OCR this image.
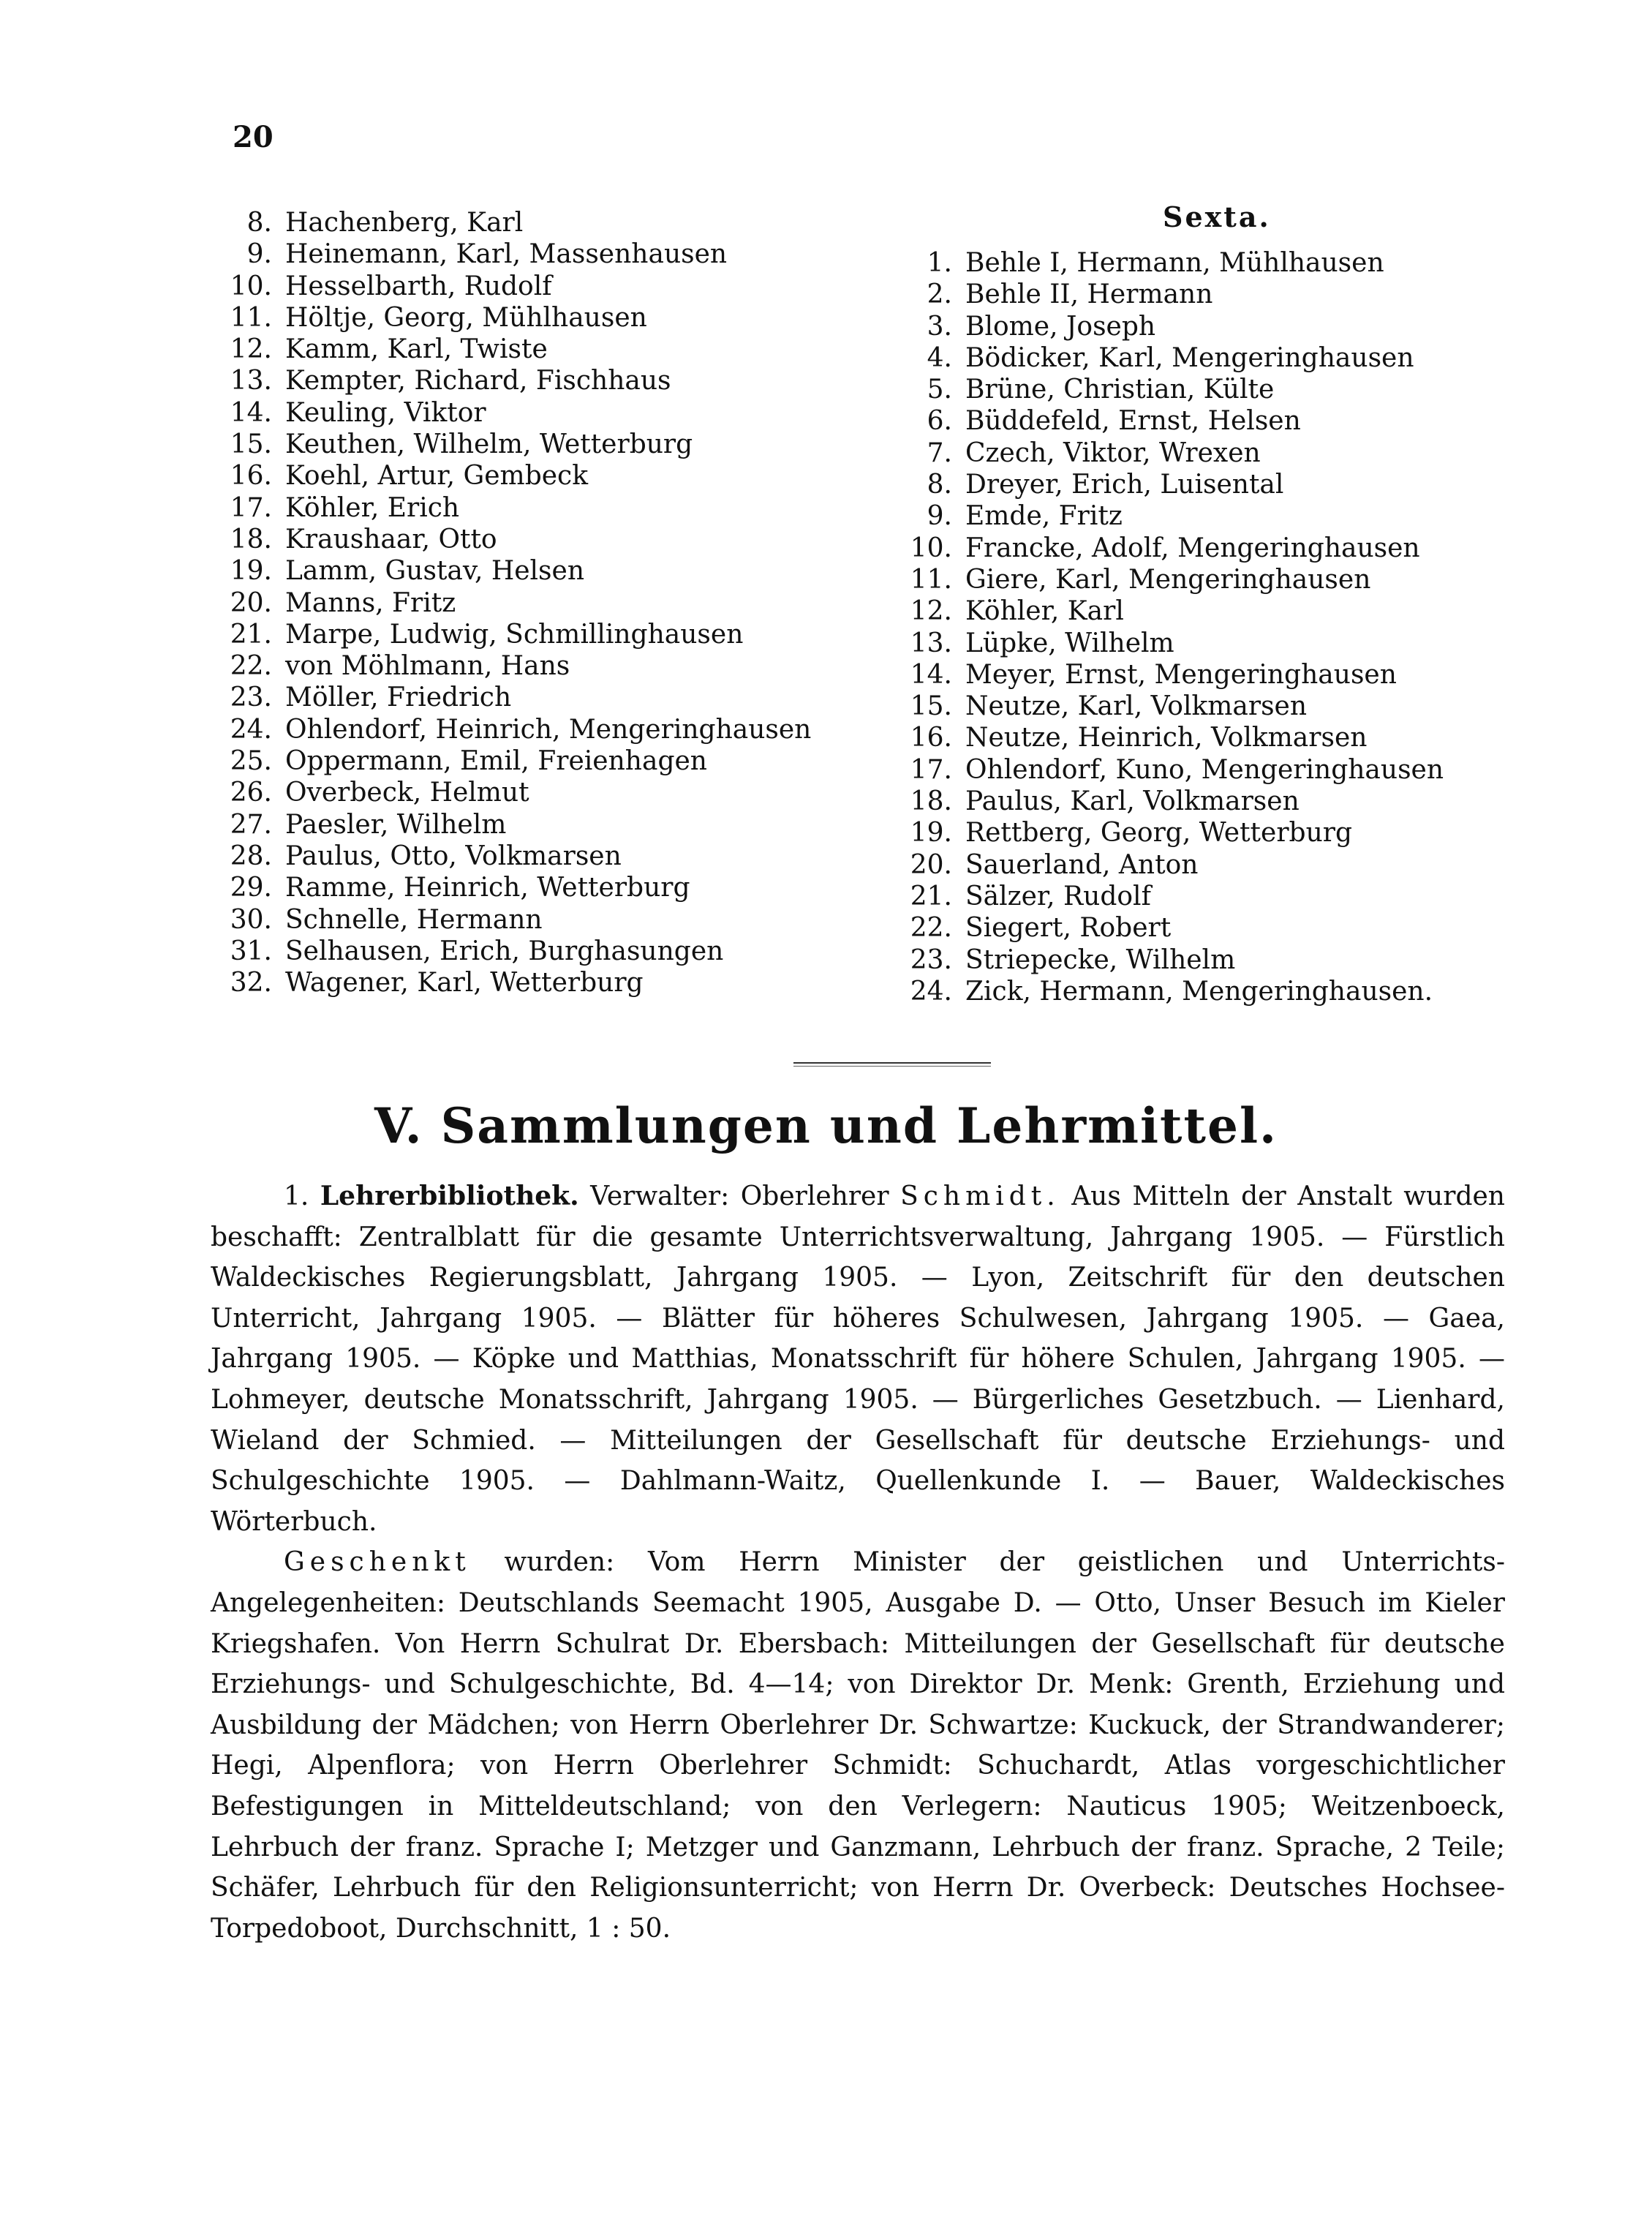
20
8. Hachenberg, Karl
9. Heinemann, Karl, Massenhausen
10. Hesselbarth, Rudolf
11. Höltje, Georg, Mühlhausen
12. Kamm, Karl, Twiste
13. Kempter, Richard, Fischhaus
14. Keuling, Viktor
15. Keuthen, Wilhelm, Wetterburg
16. Koehl, Artur, Gembeck
17. Köhler, Erich
18. Kraushaar, Otto
19. Lamm, Gustav, Helsen
20. Manns, Fritz
21. Marpe, Ludwig, Schmillinghausen
22. von Möhlmann, Hans
23. Möller, Friedrich
24. Ohlendorf, Heinrich, Mengeringhausen
25. Oppermann, Emil, Freienhagen
26. Overbeck, Helmut
27. Paesler, Wilhelm
28. Paulus, Otto, Volkmarsen
29. Ramme, Heinrich, Wetterburg
30. Schnelle, Hermann
31. Selhausen, Erich, Burghasungen
32. Wagener, Karl, Wetterburg
Sexta.
1. Behle I, Hermann, Mühlhausen
2. Behle II, Hermann
3. Blome, Joseph
4. Bödicker, Karl, Mengeringhausen
5. Brüne, Christian, Külte
6. Büddefeld, Ernst, Helsen
7. Czech, Viktor, Wrexen
8. Dreyer, Erich, Luisental
9. Emde, Fritz
10. Francke, Adolf, Mengeringhausen
11. Giere, Karl, Mengeringhausen
12. Köhler, Karl
13. Lüpke, Wilhelm
14. Meyer, Ernst, Mengeringhausen
15. Neutze, Karl, Volkmarsen
16. Neutze, Heinrich, Volkmarsen
17. Ohlendorf, Kuno, Mengeringhausen
18. Paulus, Karl, Volkmarsen
19. Rettberg, Georg, Wetterburg
20. Sauerland, Anton
21. Sälzer, Rudolf
22. Siegert, Robert
23. Striepecke, Wilhelm
24. Zick, Hermann, Mengeringhausen.
V. Sammlungen und Lehrmittel.

1. Lehrerbibliothek. Verwalter: Oberlehrer Schmidt. Aus Mitteln der Anstalt wurden beschafft: Zentralblatt für die gesamte Unterrichtsverwaltung, Jahrgang 1905. — Fürstlich Waldeckisches Regierungsblatt, Jahrgang 1905. — Lyon, Zeitschrift für den deutschen Unterricht, Jahrgang 1905. — Blätter für höheres Schulwesen, Jahrgang 1905. — Gaea, Jahrgang 1905. — Köpke und Matthias, Monatsschrift für höhere Schulen, Jahrgang 1905. — Lohmeyer, deutsche Monatsschrift, Jahrgang 1905. — Bürgerliches Gesetzbuch. — Lienhard, Wieland der Schmied. — Mitteilungen der Gesellschaft für deutsche Erziehungs- und Schulgeschichte 1905. — Dahlmann-Waitz, Quellenkunde I. — Bauer, Waldeckisches Wörterbuch.

Geschenkt wurden: Vom Herrn Minister der geistlichen und Unterrichts-Angelegenheiten: Deutschlands Seemacht 1905, Ausgabe D. — Otto, Unser Besuch im Kieler Kriegshafen. Von Herrn Schulrat Dr. Ebersbach: Mitteilungen der Gesellschaft für deutsche Erziehungs- und Schulgeschichte, Bd. 4—14; von Direktor Dr. Menk: Grenth, Erziehung und Ausbildung der Mädchen; von Herrn Oberlehrer Dr. Schwartze: Kuckuck, der Strandwanderer; Hegi, Alpenflora; von Herrn Oberlehrer Schmidt: Schuchardt, Atlas vorgeschichtlicher Befestigungen in Mitteldeutschland; von den Verlegern: Nauticus 1905; Weitzenboeck, Lehrbuch der franz. Sprache I; Metzger und Ganzmann, Lehrbuch der franz. Sprache, 2 Teile; Schäfer, Lehrbuch für den Religionsunterricht; von Herrn Dr. Overbeck: Deutsches Hochsee-Torpedoboot, Durchschnitt, 1 : 50.
